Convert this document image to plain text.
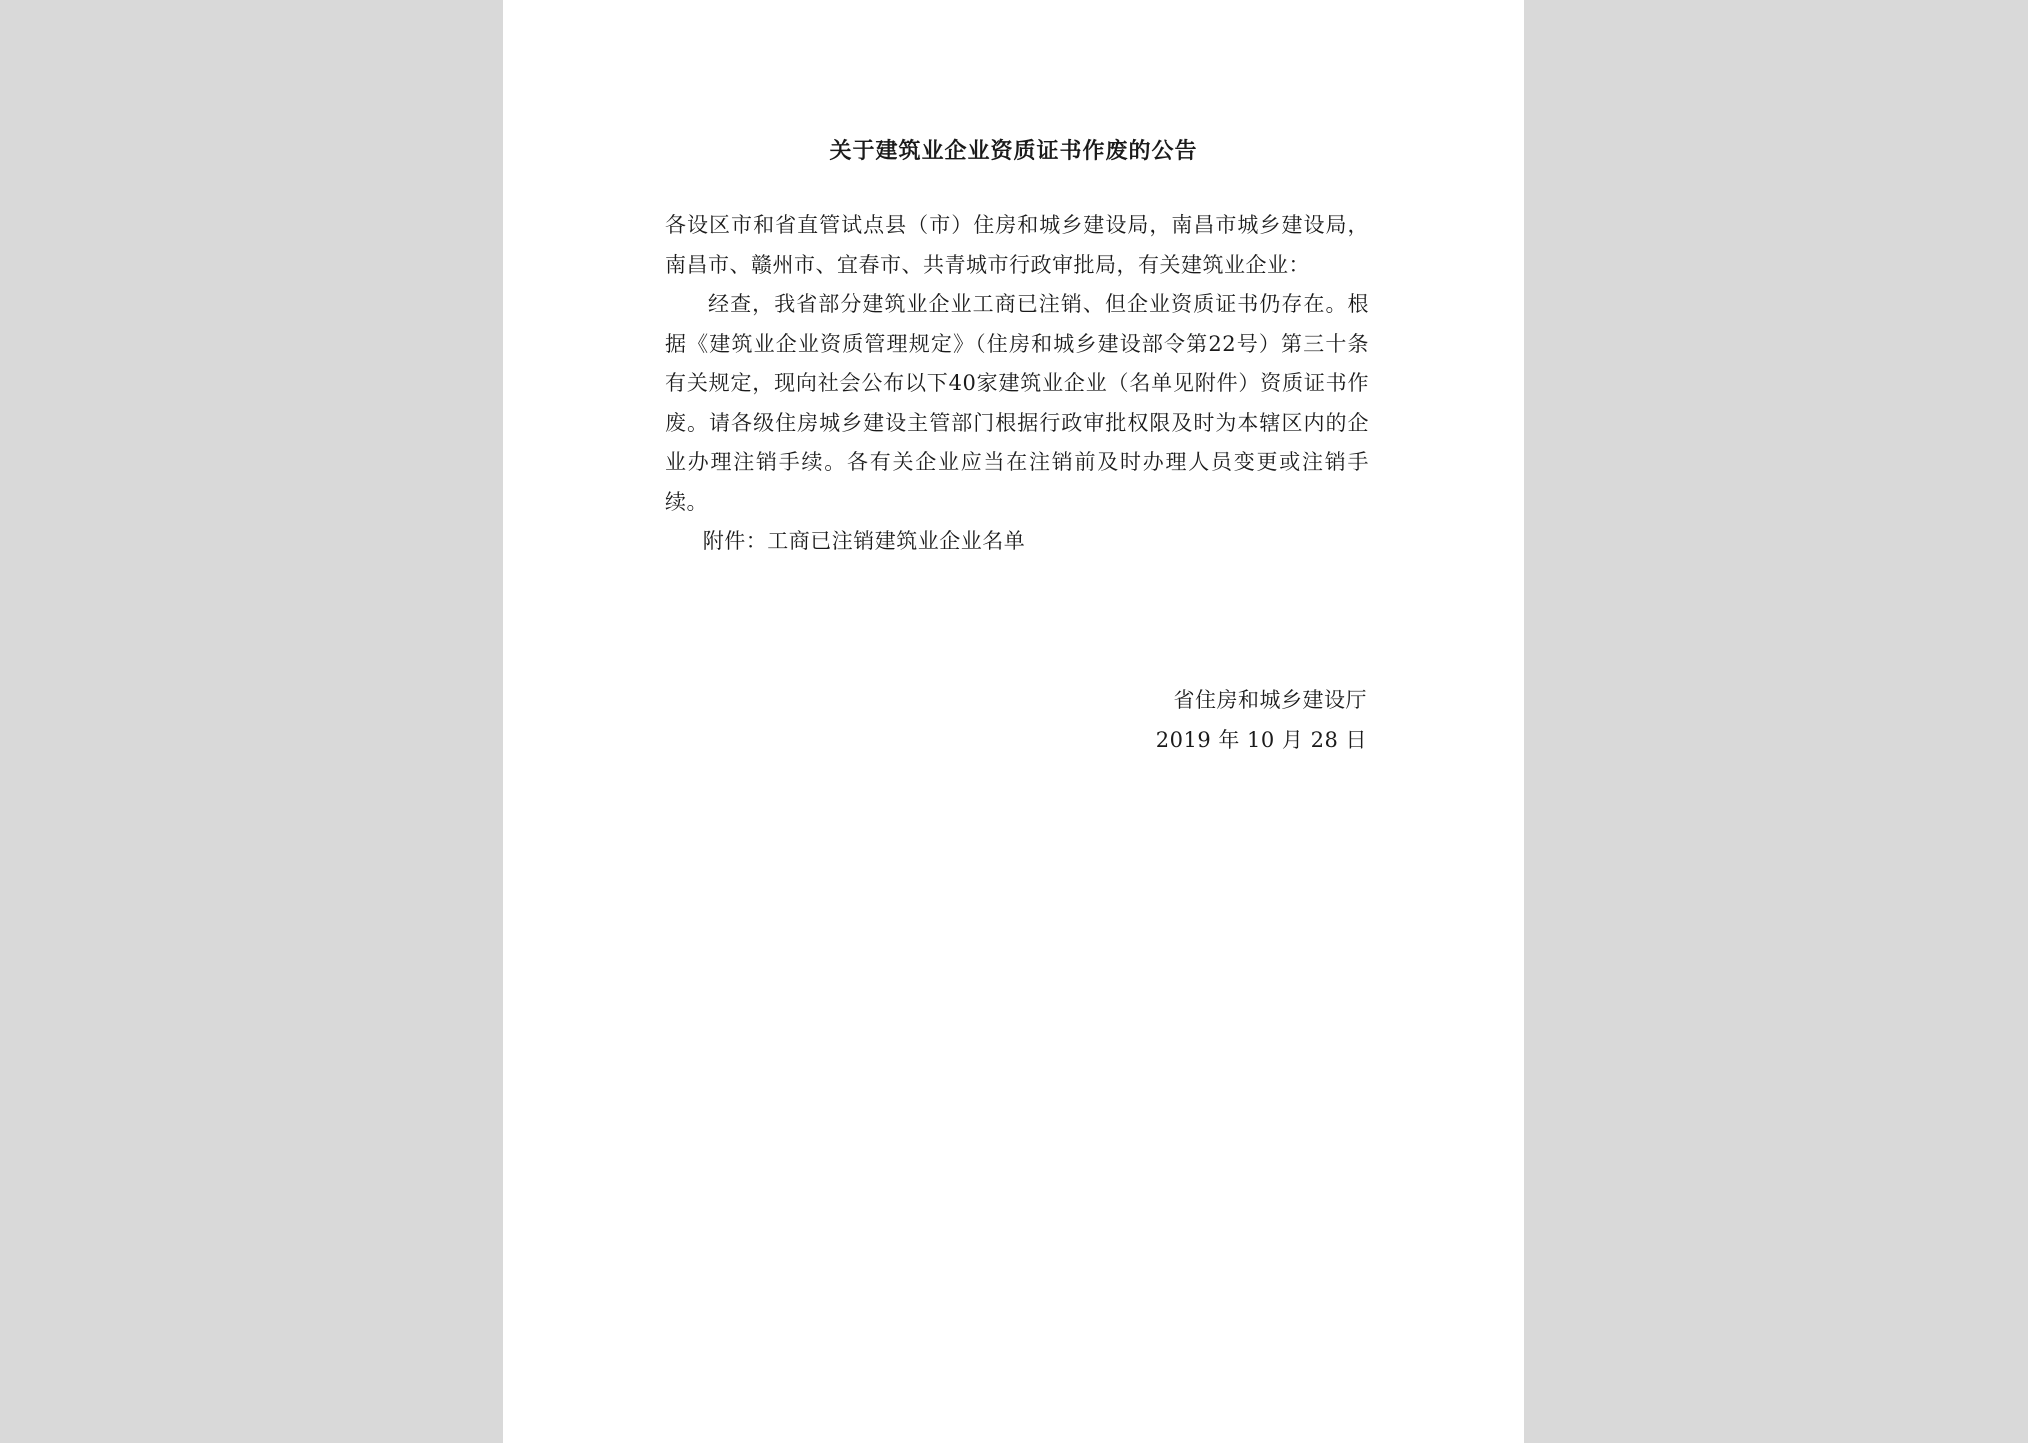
关于建筑业企业资质证书作废的公告

各设区市和省直管试点县（市）住房和城乡建设局，南昌市城乡建设局，南昌市、赣州市、宜春市、共青城市行政审批局，有关建筑业企业：

经查，我省部分建筑业企业工商已注销、但企业资质证书仍存在。根据《建筑业企业资质管理规定》（住房和城乡建设部令第22号）第三十条有关规定，现向社会公布以下40家建筑业企业（名单见附件）资质证书作废。请各级住房城乡建设主管部门根据行政审批权限及时为本辖区内的企业办理注销手续。各有关企业应当在注销前及时办理人员变更或注销手续。

附件：工商已注销建筑业企业名单

省住房和城乡建设厅
2019 年 10 月 28 日
